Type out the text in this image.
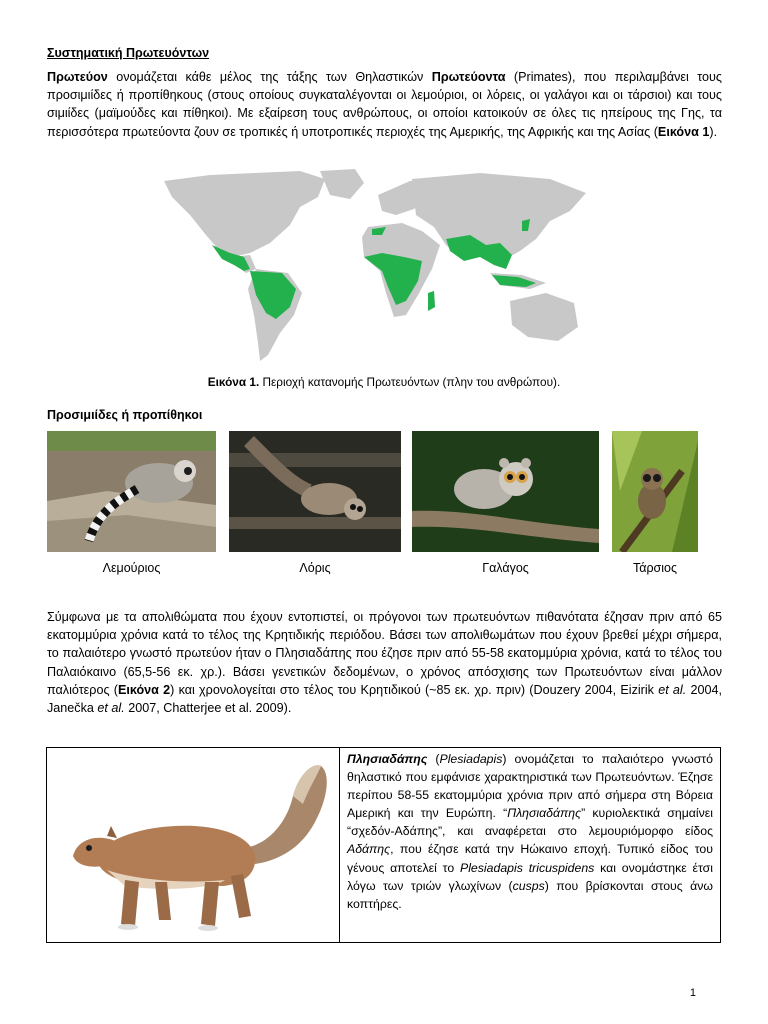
Συστηματική Πρωτευόντων

Πρωτεύον ονομάζεται κάθε μέλος της τάξης των Θηλαστικών Πρωτεύοντα (Primates), που περιλαμβάνει τους προσιμιίδες ή προπίθηκους (στους οποίους συγκαταλέγονται οι λεμούριοι, οι λόρεις, οι γαλάγοι και οι τάρσιοι) και τους σιμιίδες (μαϊμούδες και πίθηκοι). Με εξαίρεση τους ανθρώπους, οι οποίοι κατοικούν σε όλες τις ηπείρους της Γης, τα περισσότερα πρωτεύοντα ζουν σε τροπικές ή υποτροπικές περιοχές της Αμερικής, της Αφρικής και της Ασίας (Εικόνα 1).

Εικόνα 1. Περιοχή κατανομής Πρωτευόντων (πλην του ανθρώπου).

Προσιμιίδες ή προπίθηκοι
Λεμούριος	Λόρις	Γαλάγος	Τάρσιος

Σύμφωνα με τα απολιθώματα που έχουν εντοπιστεί, οι πρόγονοι των πρωτευόντων πιθανότατα έζησαν πριν από 65 εκατομμύρια χρόνια κατά το τέλος της Κρητιδικής περιόδου. Βάσει των απολιθωμάτων που έχουν βρεθεί μέχρι σήμερα, το παλαιότερο γνωστό πρωτεύον ήταν ο Πλησιαδάπης που έζησε πριν από 55-58 εκατομμύρια χρόνια, κατά το τέλος του Παλαιόκαινο (65,5-56 εκ. χρ.). Βάσει γενετικών δεδομένων, ο χρόνος απόσχισης των Πρωτευόντων είναι μάλλον παλιότερος (Εικόνα 2) και χρονολογείται στο τέλος του Κρητιδικού (~85 εκ. χρ. πριν) (Douzery 2004, Eizirik et al. 2004, Janečka et al. 2007, Chatterjee et al. 2009).

Πλησιαδάπης (Plesiadapis) ονομάζεται το παλαιότερο γνωστό θηλαστικό που εμφάνισε χαρακτηριστικά των Πρωτευόντων. Έζησε περίπου 58-55 εκατομμύρια χρόνια πριν από σήμερα στη Βόρεια Αμερική και την Ευρώπη. “Πλησιαδάπης” κυριολεκτικά σημαίνει “σχεδόν-Αδάπης”, και αναφέρεται στο λεμουριόμορφο είδος Αδάπης, που έζησε κατά την Ηώκαινο εποχή. Τυπικό είδος του γένους αποτελεί το Plesiadapis tricuspidens και ονομάστηκε έτσι λόγω των τριών γλωχίνων (cusps) που βρίσκονται στους άνω κοπτήρες.

1
